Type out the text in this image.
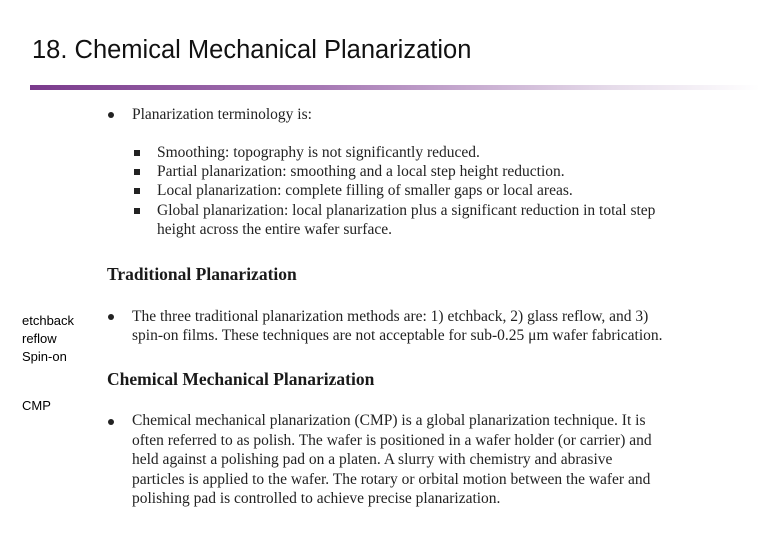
18. Chemical Mechanical Planarization
etchback
reflow
Spin-on
CMP
Planarization terminology is:
Smoothing: topography is not significantly reduced.
Partial planarization: smoothing and a local step height reduction.
Local planarization: complete filling of smaller gaps or local areas.
Global planarization: local planarization plus a significant reduction in total step
height across the entire wafer surface.
Traditional Planarization
The three traditional planarization methods are: 1) etchback, 2) glass reflow, and 3)
spin-on films. These techniques are not acceptable for sub-0.25 μm wafer fabrication.
Chemical Mechanical Planarization
Chemical mechanical planarization (CMP) is a global planarization technique. It is
often referred to as polish. The wafer is positioned in a wafer holder (or carrier) and
held against a polishing pad on a platen. A slurry with chemistry and abrasive
particles is applied to the wafer. The rotary or orbital motion between the wafer and
polishing pad is controlled to achieve precise planarization.
